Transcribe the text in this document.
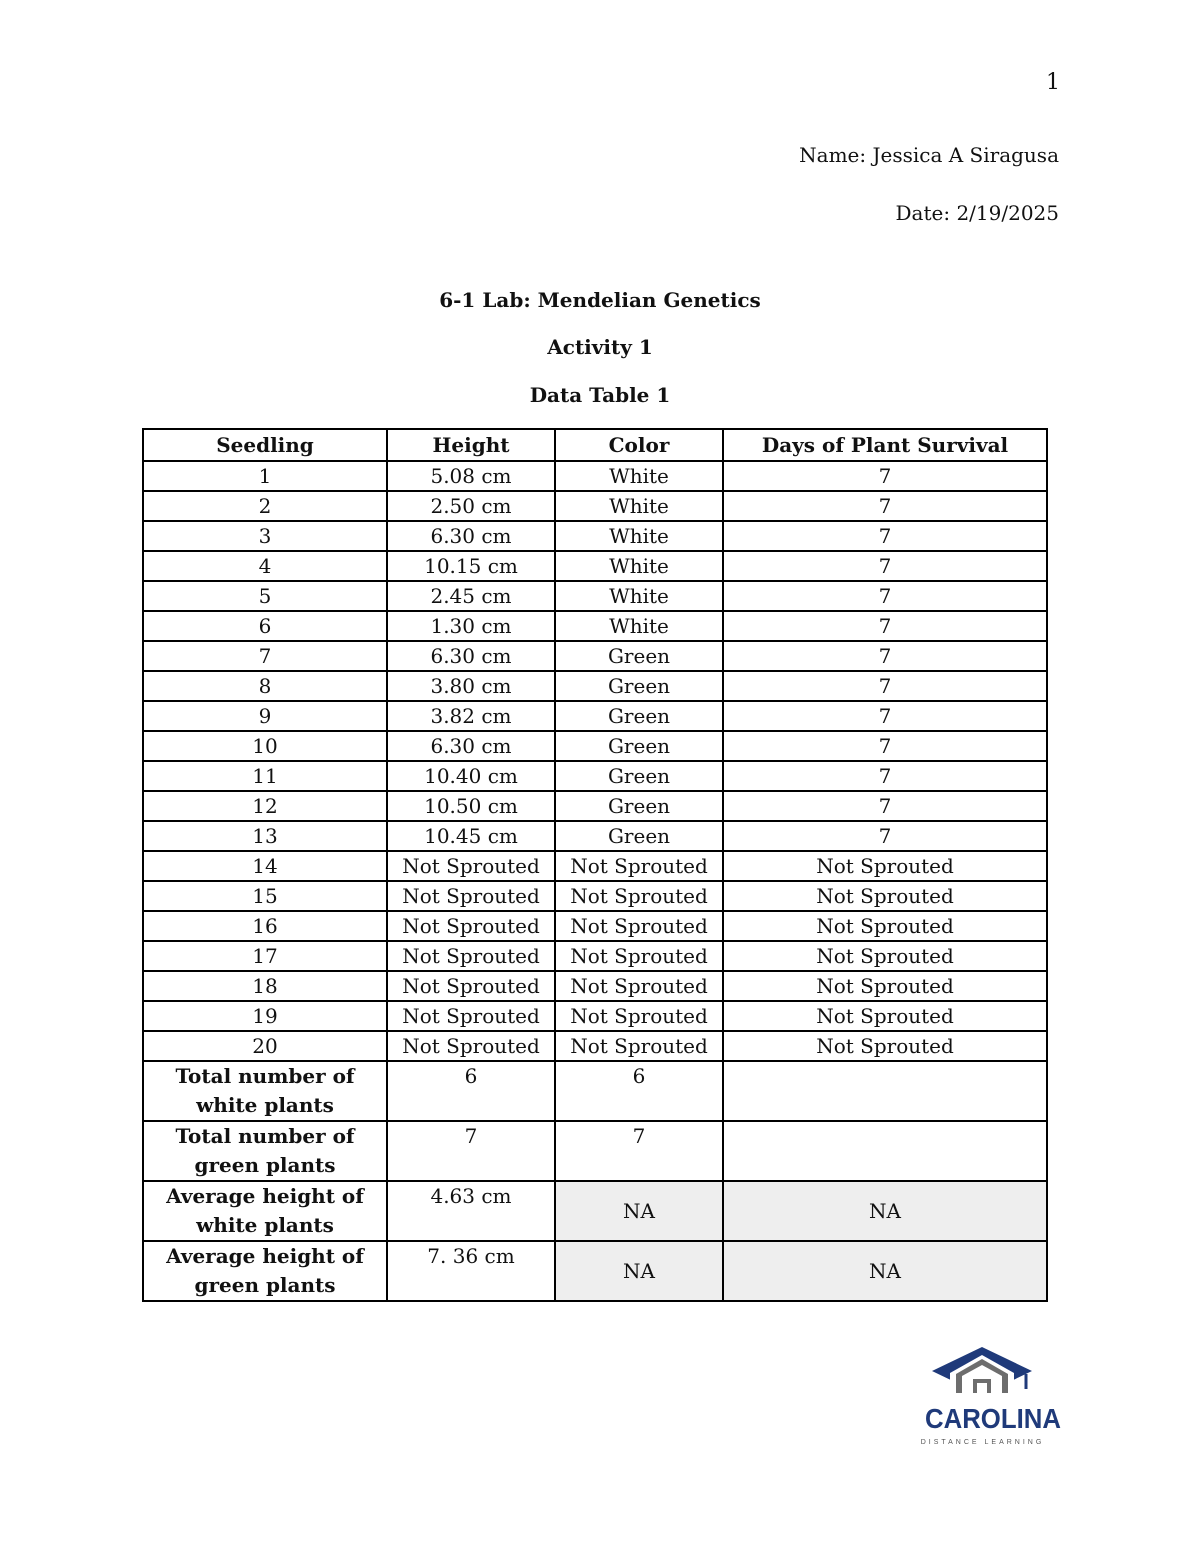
1
Name: Jessica A Siragusa
Date: 2/19/2025
6-1 Lab: Mendelian Genetics
Activity 1
Data Table 1
Seedling	Height	Color	Days of Plant Survival
1	5.08 cm	White	7
2	2.50 cm	White	7
3	6.30 cm	White	7
4	10.15 cm	White	7
5	2.45 cm	White	7
6	1.30 cm	White	7
7	6.30 cm	Green	7
8	3.80 cm	Green	7
9	3.82 cm	Green	7
10	6.30 cm	Green	7
11	10.40 cm	Green	7
12	10.50 cm	Green	7
13	10.45 cm	Green	7
14	Not Sprouted	Not Sprouted	Not Sprouted
15	Not Sprouted	Not Sprouted	Not Sprouted
16	Not Sprouted	Not Sprouted	Not Sprouted
17	Not Sprouted	Not Sprouted	Not Sprouted
18	Not Sprouted	Not Sprouted	Not Sprouted
19	Not Sprouted	Not Sprouted	Not Sprouted
20	Not Sprouted	Not Sprouted	Not Sprouted
Total number of white plants	6	6	
Total number of green plants	7	7	
Average height of white plants	4.63 cm	NA	NA
Average height of green plants	7. 36 cm	NA	NA
CAROLINA
DISTANCE LEARNING
